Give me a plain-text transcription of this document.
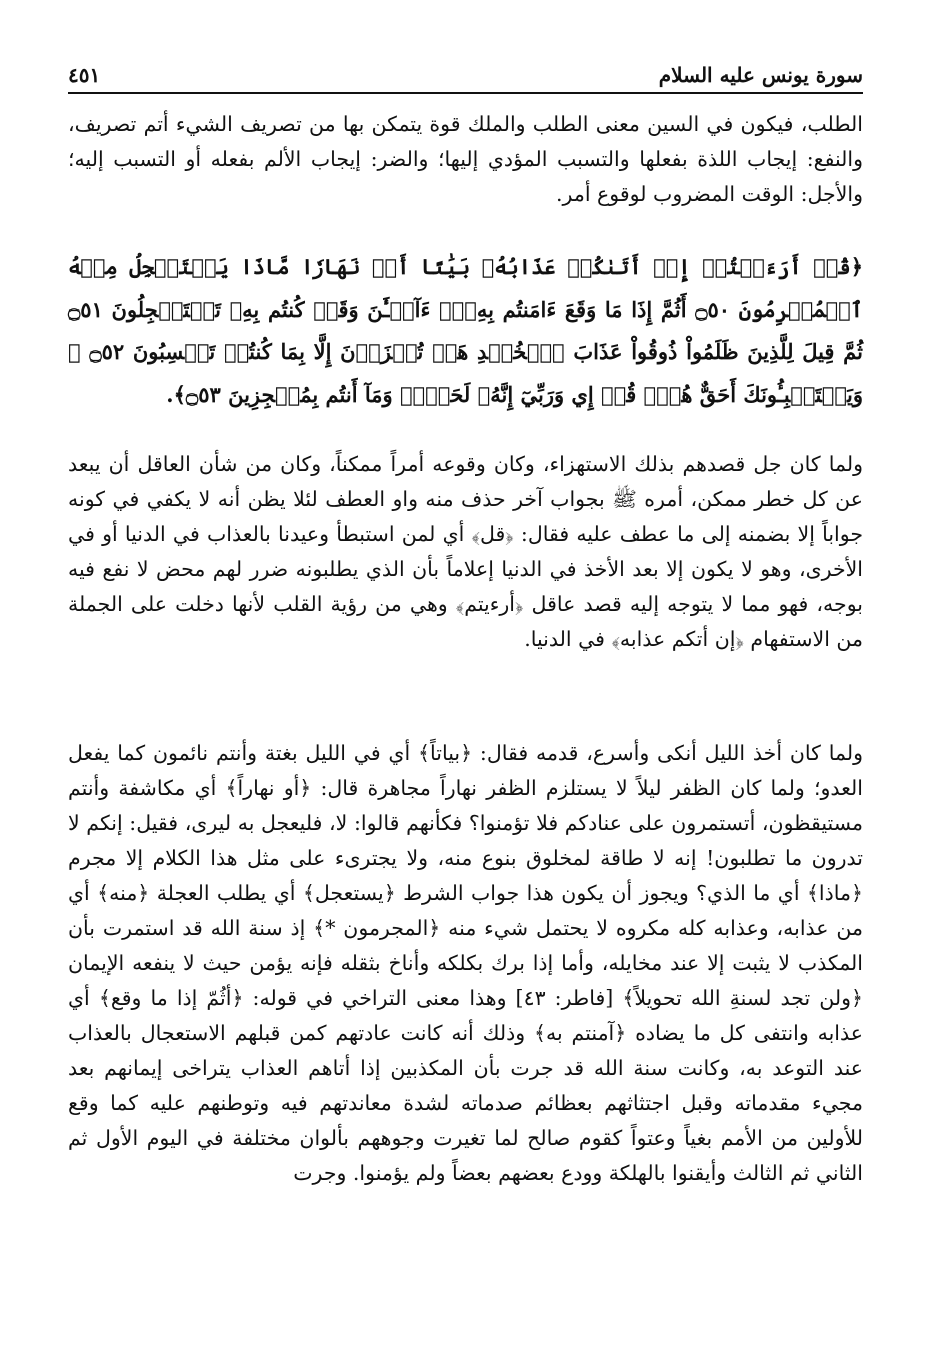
سورة يونس عليه السلام
٤٥١

الطلب، فيكون في السين معنى الطلب والملك قوة يتمكن بها من تصريف الشيء أتم تصريف، والنفع: إيجاب اللذة بفعلها والتسبب المؤدي إليها؛ والضر: إيجاب الألم بفعله أو التسبب إليه؛ والأجل: الوقت المضروب لوقوع أمر.

﴿قُلۡ أَرَءَيۡتُمۡ إِنۡ أَتَىٰكُمۡ عَذَابُهُۥ بَيَٰتًا أَوۡ نَهَارٗا مَّاذَا يَسۡتَعۡجِلُ مِنۡهُ ٱلۡمُجۡرِمُونَ ۝٥٠ أَثُمَّ إِذَا مَا وَقَعَ ءَامَنتُم بِهِۦٓۚ ءَآلۡـَٰٔنَ وَقَدۡ كُنتُم بِهِۦ تَسۡتَعۡجِلُونَ ۝٥١ ثُمَّ قِيلَ لِلَّذِينَ ظَلَمُواْ ذُوقُواْ عَذَابَ ٱلۡخُلۡدِ هَلۡ تُجۡزَوۡنَ إِلَّا بِمَا كُنتُمۡ تَكۡسِبُونَ ۝٥٢ ۞ وَيَسۡتَنۢبِـُٔونَكَ أَحَقٌّ هُوَۖ قُلۡ إِي وَرَبِّيٓ إِنَّهُۥ لَحَقّٞۖ وَمَآ أَنتُم بِمُعۡجِزِينَ ۝٥٣﴾.

ولما كان جل قصدهم بذلك الاستهزاء، وكان وقوعه أمراً ممكناً، وكان من شأن العاقل أن يبعد عن كل خطر ممكن، أمره ﷺ بجواب آخر حذف منه واو العطف لئلا يظن أنه لا يكفي في كونه جواباً إلا بضمنه إلى ما عطف عليه فقال: ﴿قل﴾ أي لمن استبطأ وعيدنا بالعذاب في الدنيا أو في الأخرى، وهو لا يكون إلا بعد الأخذ في الدنيا إعلاماً بأن الذي يطلبونه ضرر لهم محض لا نفع فيه بوجه، فهو مما لا يتوجه إليه قصد عاقل ﴿أرءيتم﴾ وهي من رؤية القلب لأنها دخلت على الجملة من الاستفهام ﴿إن أتكم عذابه﴾ في الدنيا.

ولما كان أخذ الليل أنكى وأسرع، قدمه فقال: ﴿بياتاً﴾ أي في الليل بغتة وأنتم نائمون كما يفعل العدو؛ ولما كان الظفر ليلاً لا يستلزم الظفر نهاراً مجاهرة قال: ﴿أو نهاراً﴾ أي مكاشفة وأنتم مستيقظون، أتستمرون على عنادكم فلا تؤمنوا؟ فكأنهم قالوا: لا، فليعجل به ليرى، فقيل: إنكم لا تدرون ما تطلبون! إنه لا طاقة لمخلوق بنوع منه، ولا يجترىء على مثل هذا الكلام إلا مجرم ﴿ماذا﴾ أي ما الذي؟ ويجوز أن يكون هذا جواب الشرط ﴿يستعجل﴾ أي يطلب العجلة ﴿منه﴾ أي من عذابه، وعذابه كله مكروه لا يحتمل شيء منه ﴿المجرمون *﴾ إذ سنة الله قد استمرت بأن المكذب لا يثبت إلا عند مخايله، وأما إذا برك بكلكه وأناخ بثقله فإنه يؤمن حيث لا ينفعه الإيمان ﴿ولن تجد لسنةِ الله تحويلاً﴾ [فاطر: ٤٣] وهذا معنى التراخي في قوله: ﴿أثُمّ إذا ما وقع﴾ أي عذابه وانتفى كل ما يضاده ﴿آمنتم به﴾ وذلك أنه كانت عادتهم كمن قبلهم الاستعجال بالعذاب عند التوعد به، وكانت سنة الله قد جرت بأن المكذبين إذا أتاهم العذاب يتراخى إيمانهم بعد مجيء مقدماته وقبل اجتثاثهم بعظائم صدماته لشدة معاندتهم فيه وتوطنهم عليه كما وقع للأولين من الأمم بغياً وعتواً كقوم صالح لما تغيرت وجوههم بألوان مختلفة في اليوم الأول ثم الثاني ثم الثالث وأيقنوا بالهلكة وودع بعضهم بعضاً ولم يؤمنوا. وجرت
